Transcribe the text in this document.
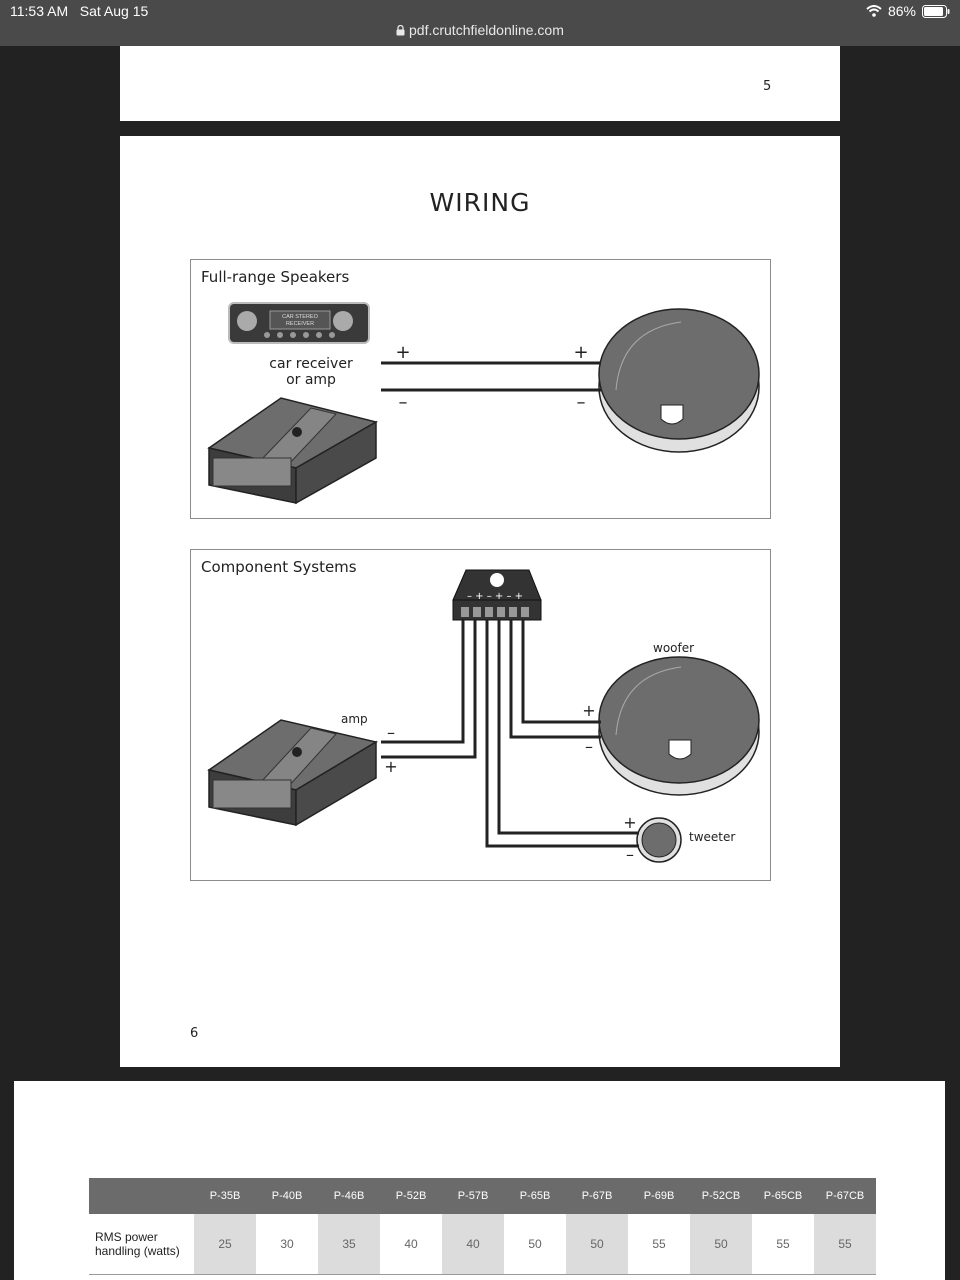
11:53 AM Sat Aug 15	86%
pdf.crutchfieldonline.com
5
WIRING
Full-range Speakers
CAR STEREO
RECEIVER
+
–
+
–
car receiver
or amp
Component Systems
– + – + – +
–
+
+
–
+
–
amp
woofer
tweeter
6
	P-35B	P-40B	P-46B	P-52B	P-57B	P-65B	P-67B	P-69B	P-52CB	P-65CB	P-67CB
RMS power handling (watts)	25	30	35	40	40	50	50	55	50	55	55
